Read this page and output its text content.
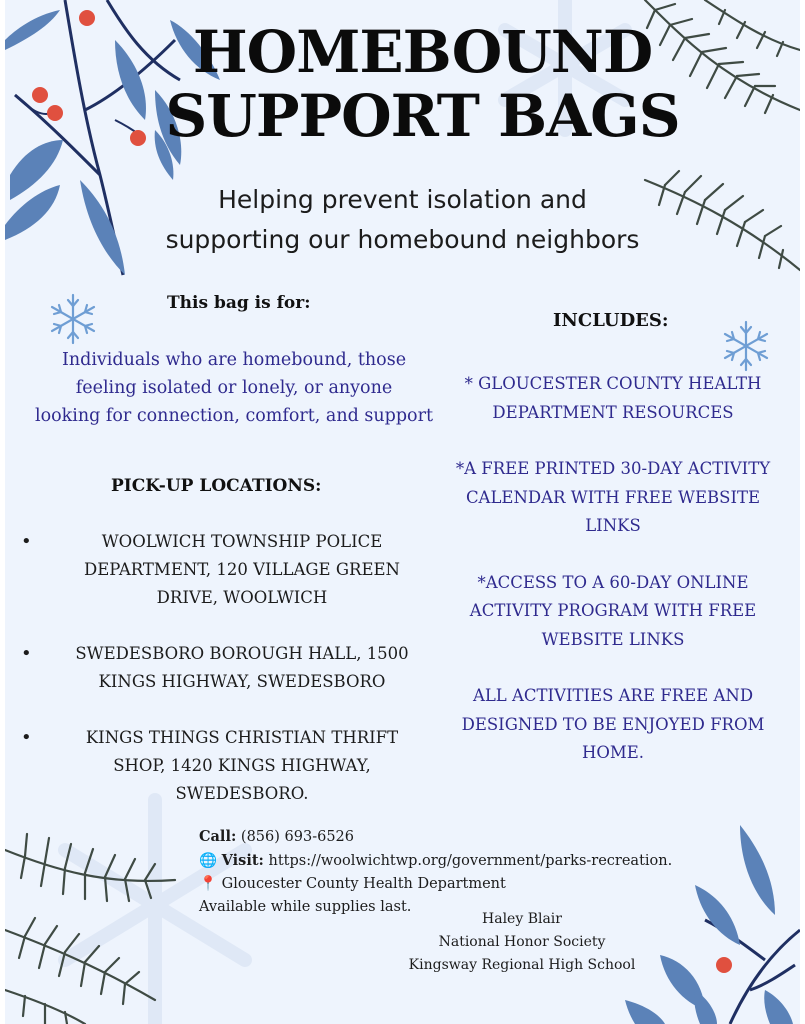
HOMEBOUND
SUPPORT BAGS
Helping prevent isolation and
supporting our homebound neighbors
This bag is for:
Individuals who are homebound, those
feeling isolated or lonely, or anyone
looking for connection, comfort, and support
PICK-UP LOCATIONS:
•	WOOLWICH TOWNSHIP POLICE
DEPARTMENT, 120 VILLAGE GREEN
DRIVE, WOOLWICH
•	SWEDESBORO BOROUGH HALL, 1500
KINGS HIGHWAY, SWEDESBORO
•	KINGS THINGS CHRISTIAN THRIFT
SHOP, 1420 KINGS HIGHWAY,
SWEDESBORO.
INCLUDES:
* GLOUCESTER COUNTY HEALTH
DEPARTMENT RESOURCES
*A FREE PRINTED 30-DAY ACTIVITY
CALENDAR WITH FREE WEBSITE
LINKS
*ACCESS TO A 60-DAY ONLINE
ACTIVITY PROGRAM WITH FREE
WEBSITE LINKS
ALL ACTIVITIES ARE FREE AND
DESIGNED TO BE ENJOYED FROM
HOME.
Call: (856) 693-6526
🌐 Visit: https://woolwichtwp.org/government/parks-recreation.
📍 Gloucester County Health Department
Available while supplies last.
Haley Blair
National Honor Society
Kingsway Regional High School
